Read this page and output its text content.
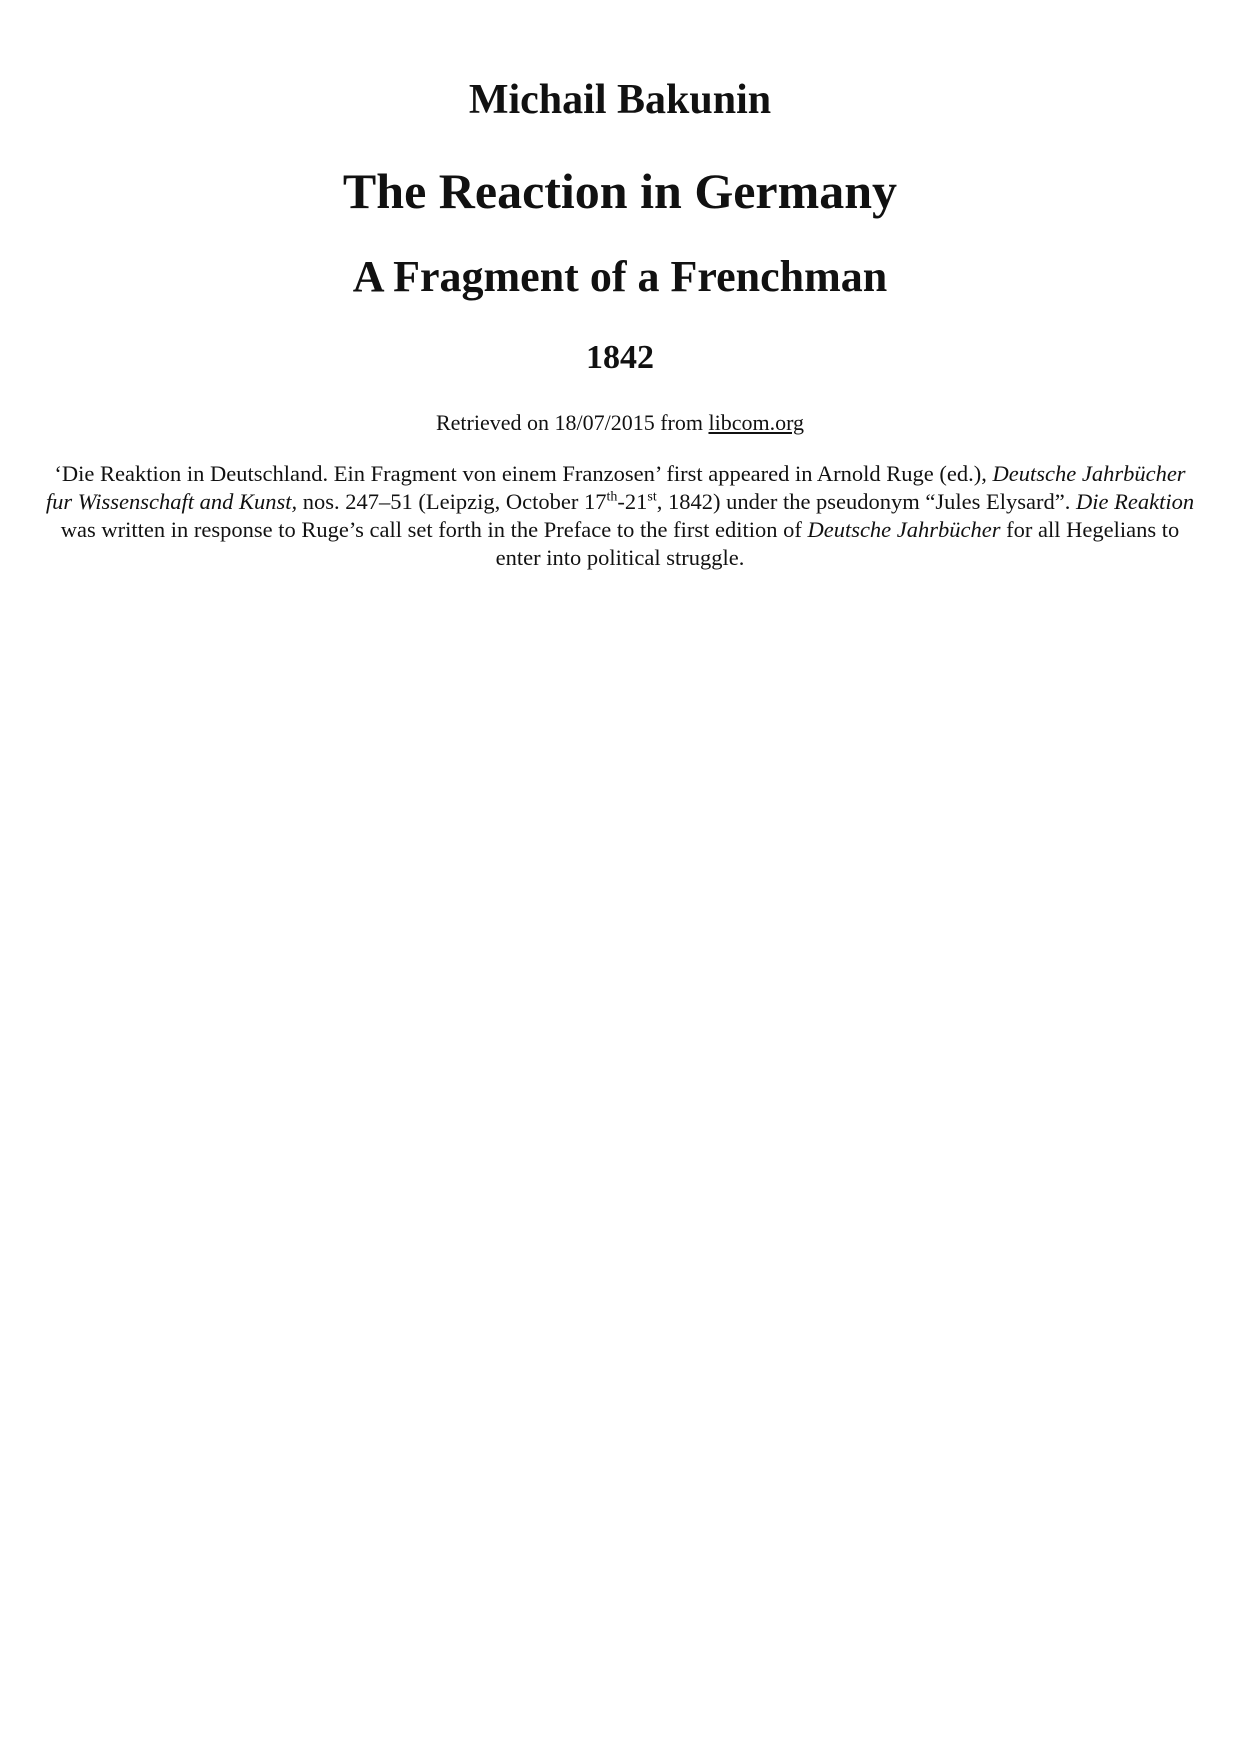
Michail Bakunin
The Reaction in Germany
A Fragment of a Frenchman
1842
Retrieved on 18/07/2015 from libcom.org

‘Die Reaktion in Deutschland. Ein Fragment von einem Franzosen’ first appeared in Arnold Ruge (ed.), Deutsche Jahrbücher fur Wissenschaft and Kunst, nos. 247–51 (Leipzig, October 17th-21st, 1842) under the pseudonym “Jules Elysard”. Die Reaktion was written in response to Ruge’s call set forth in the Preface to the first edition of Deutsche Jahrbücher for all Hegelians to enter into political struggle.
